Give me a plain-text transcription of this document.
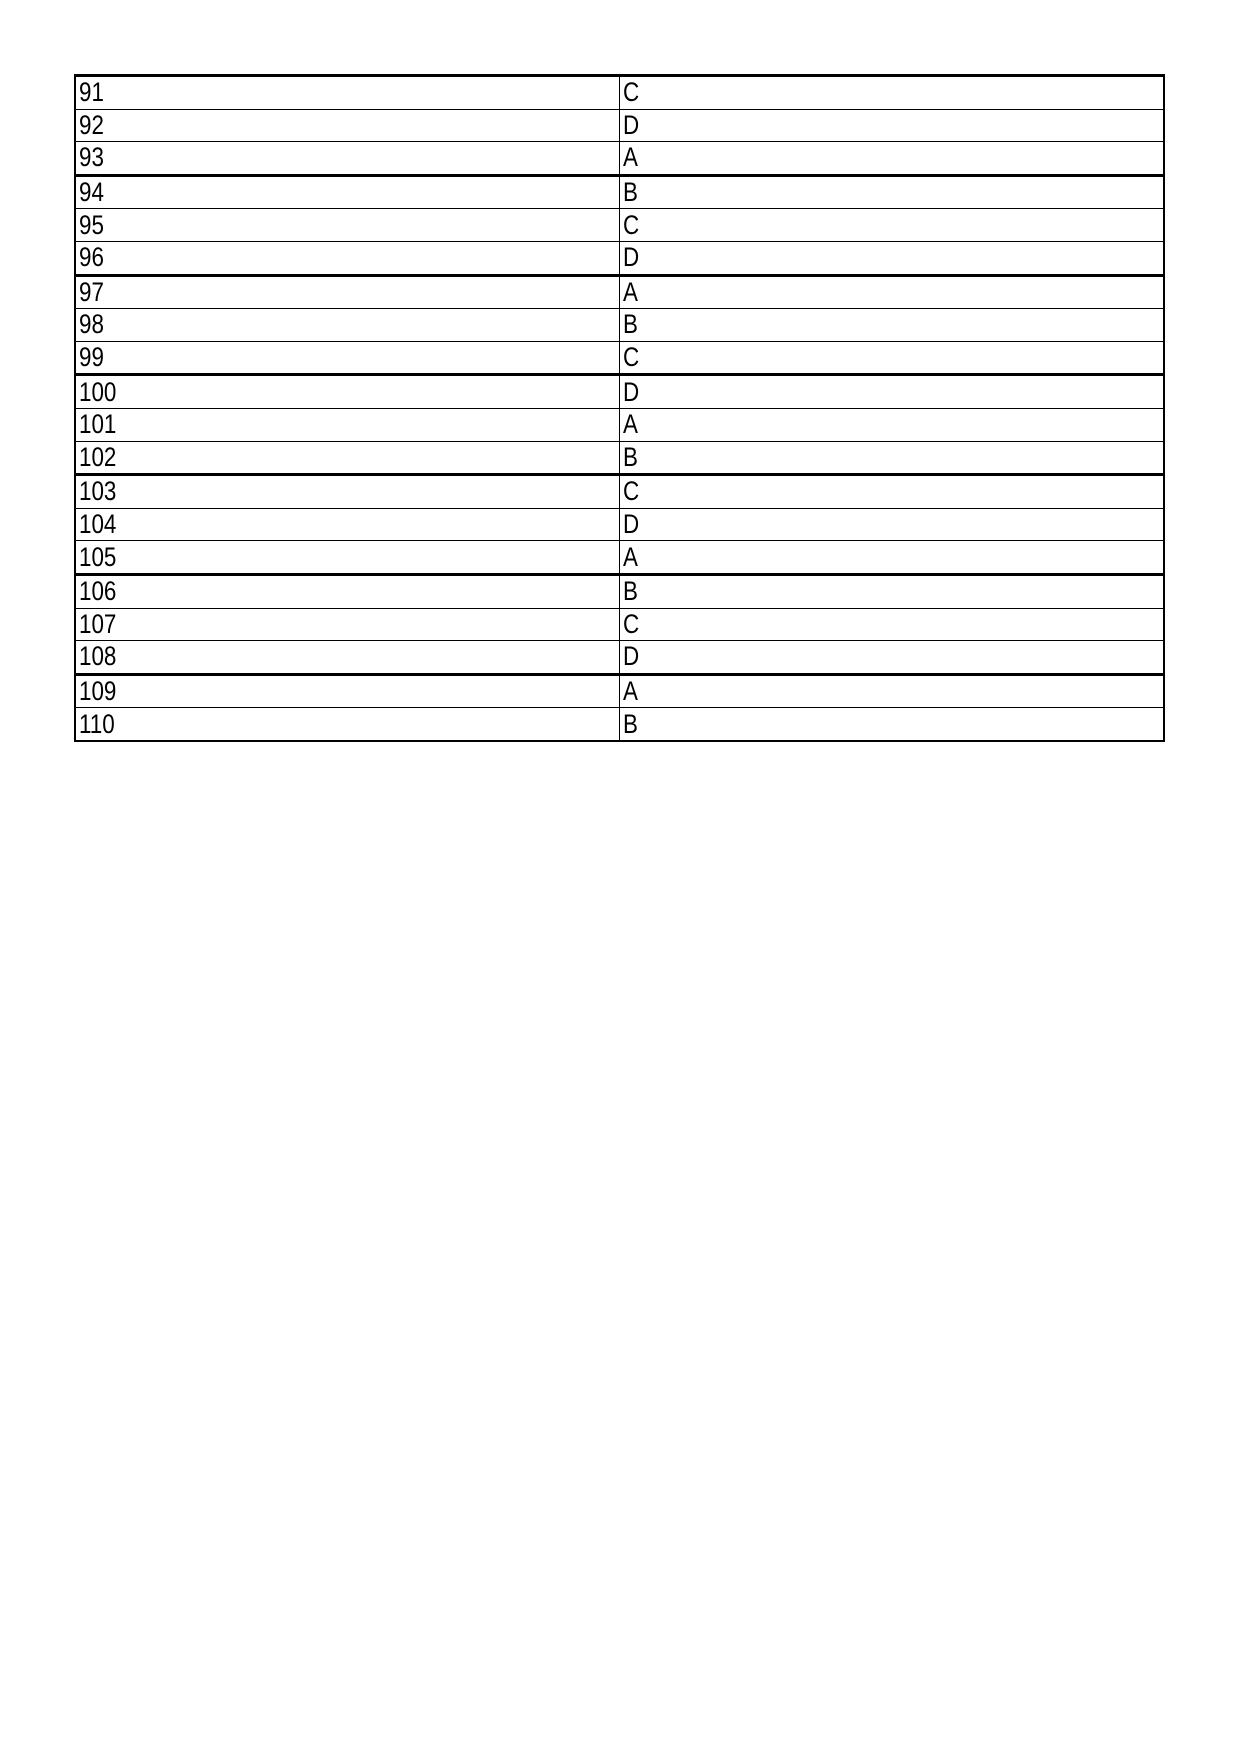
91	C
92	D
93	A
94	B
95	C
96	D
97	A
98	B
99	C
100	D
101	A
102	B
103	C
104	D
105	A
106	B
107	C
108	D
109	A
110	B
